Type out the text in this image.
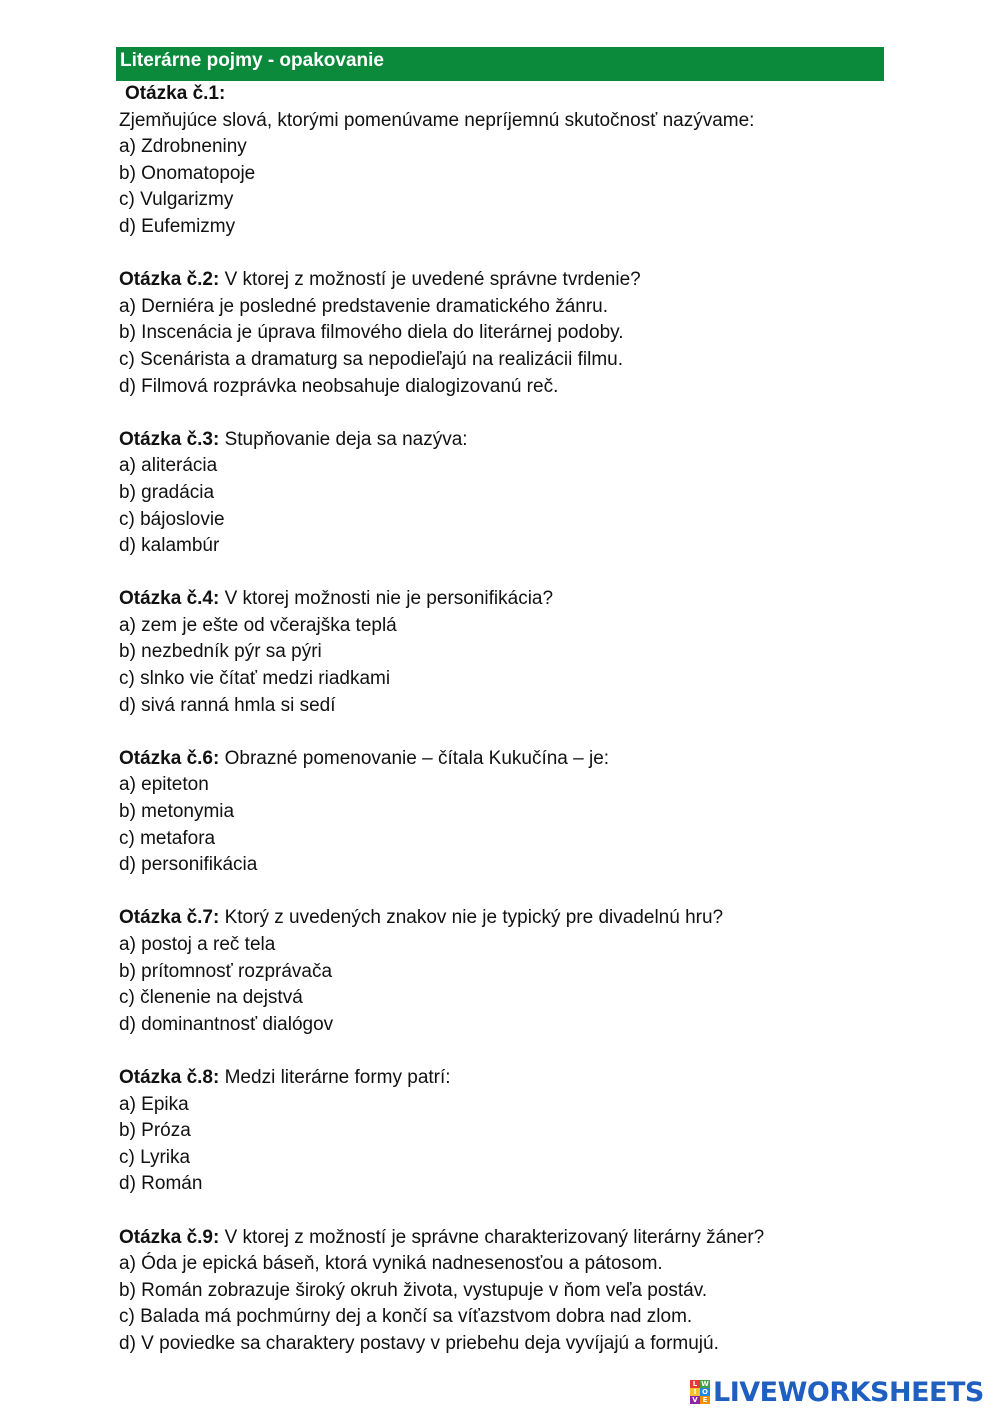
Literárne pojmy - opakovanie
Otázka č.1:
Zjemňujúce slová, ktorými pomenúvame nepríjemnú skutočnosť nazývame:
a) Zdrobneniny
b) Onomatopoje
c) Vulgarizmy
d) Eufemizmy
Otázka č.2: V ktorej z možností je uvedené správne tvrdenie?
a) Derniéra je posledné predstavenie dramatického žánru.
b) Inscenácia je úprava filmového diela do literárnej podoby.
c) Scenárista a dramaturg sa nepodieľajú na realizácii filmu.
d) Filmová rozprávka neobsahuje dialogizovanú reč.
Otázka č.3: Stupňovanie deja sa nazýva:
a) aliterácia
b) gradácia
c) bájoslovie
d) kalambúr
Otázka č.4: V ktorej možnosti nie je personifikácia?
a) zem je ešte od včerajška teplá
b) nezbedník pýr sa pýri
c) slnko vie čítať medzi riadkami
d) sivá ranná hmla si sedí
Otázka č.6: Obrazné pomenovanie – čítala Kukučína – je:
a) epiteton
b) metonymia
c) metafora
d) personifikácia
Otázka č.7: Ktorý z uvedených znakov nie je typický pre divadelnú hru?
a) postoj a reč tela
b) prítomnosť rozprávača
c) členenie na dejstvá
d) dominantnosť dialógov
Otázka č.8: Medzi literárne formy patrí:
a) Epika
b) Próza
c) Lyrika
d) Román
Otázka č.9: V ktorej z možností je správne charakterizovaný literárny žáner?
a) Óda je epická báseň, ktorá vyniká nadnesenosťou a pátosom.
b) Román zobrazuje široký okruh života, vystupuje v ňom veľa postáv.
c) Balada má pochmúrny dej a končí sa víťazstvom dobra nad zlom.
d) V poviedke sa charaktery postavy v priebehu deja vyvíjajú a formujú.
L W
I O
V E LIVEWORKSHEETS
